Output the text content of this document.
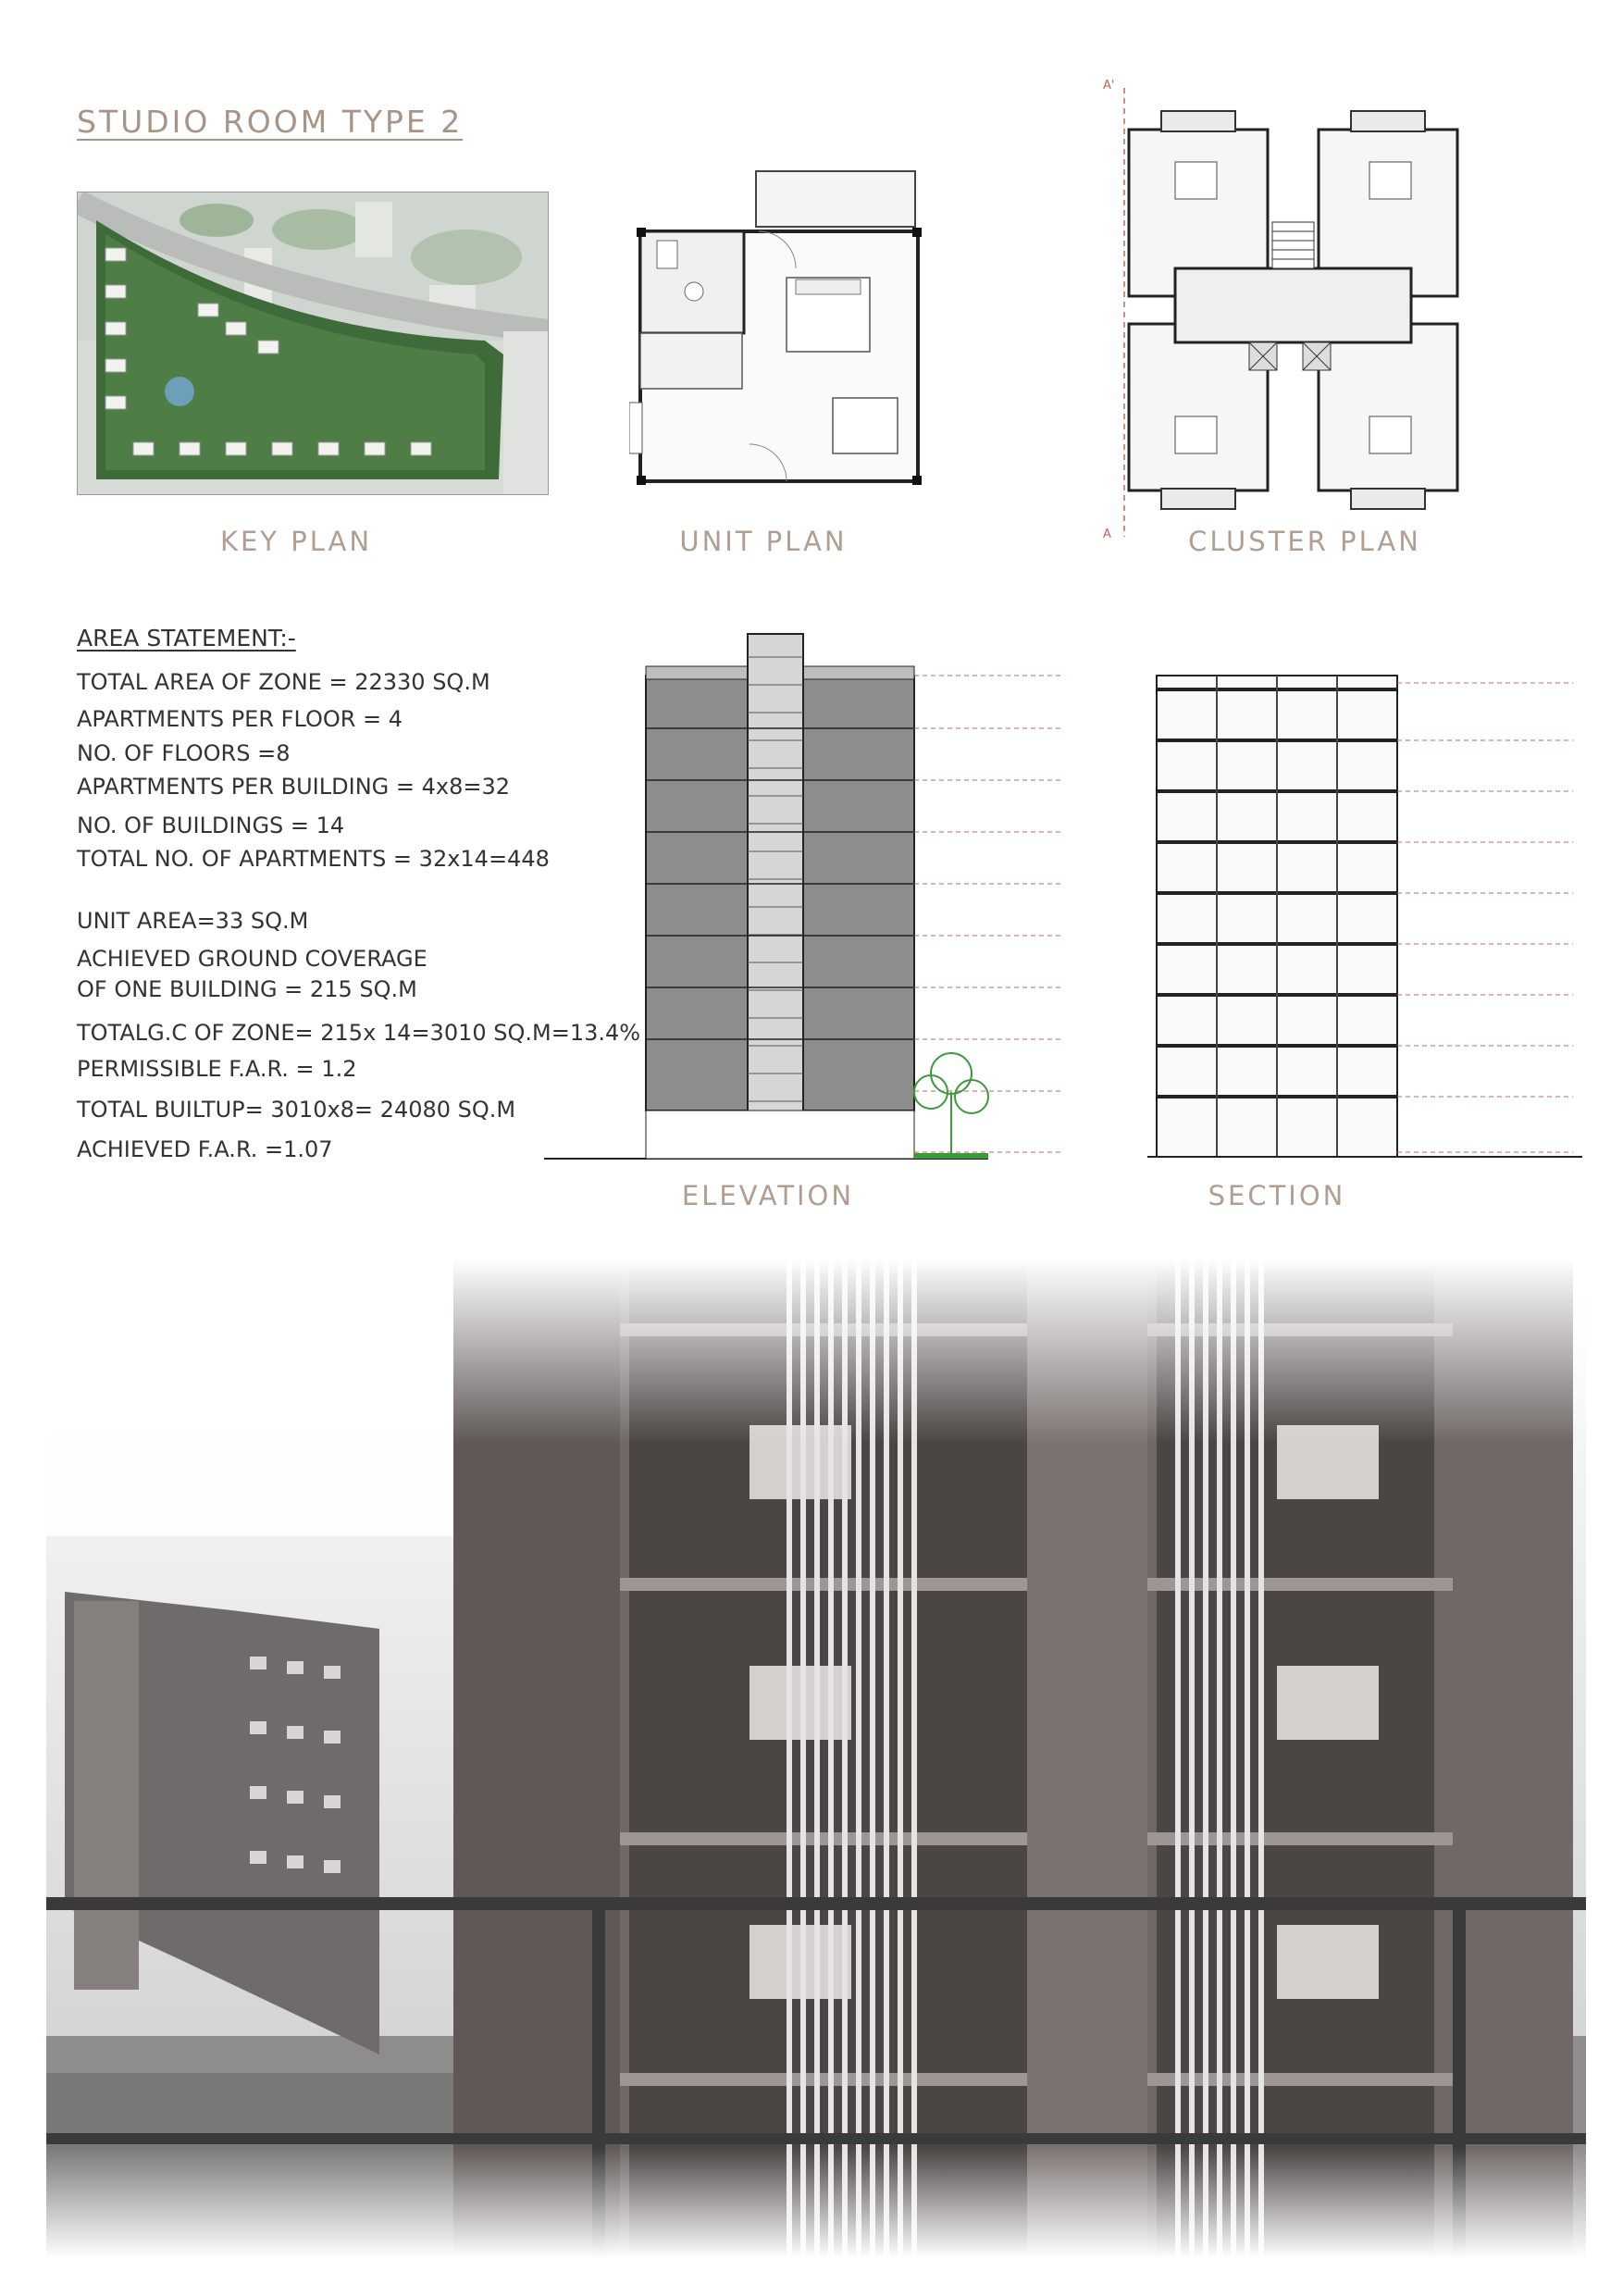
STUDIO ROOM TYPE 2
KEY PLAN	UNIT PLAN
A'
A	CLUSTER PLAN
AREA STATEMENT:-
TOTAL AREA OF ZONE = 22330 SQ.M
APARTMENTS PER FLOOR = 4
NO. OF FLOORS =8
APARTMENTS PER BUILDING = 4x8=32
NO. OF BUILDINGS = 14
TOTAL NO. OF APARTMENTS = 32x14=448
UNIT AREA=33 SQ.M
ACHIEVED GROUND COVERAGE
OF ONE BUILDING = 215 SQ.M
TOTALG.C OF ZONE= 215x 14=3010 SQ.M=13.4%
PERMISSIBLE F.A.R. = 1.2
TOTAL BUILTUP= 3010x8= 24080 SQ.M
ACHIEVED F.A.R. =1.07
ELEVATION	SECTION
